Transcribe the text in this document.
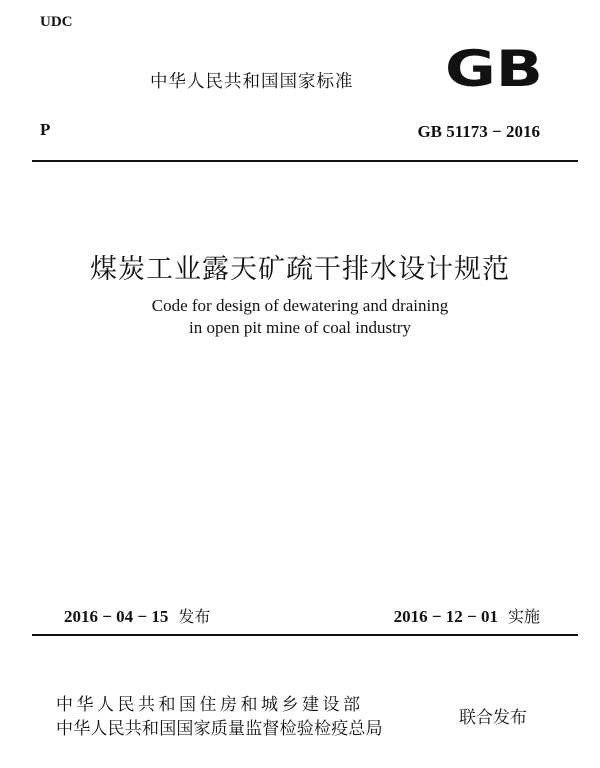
UDC
中华人民共和国国家标准 GB
P	GB 51173 − 2016
煤炭工业露天矿疏干排水设计规范
Code for design of dewatering and draining
in open pit mine of coal industry
2016 − 04 − 15 发布	2016 − 12 − 01 实施
中华人民共和国住房和城乡建设部
中华人民共和国国家质量监督检验检疫总局
联合发布
